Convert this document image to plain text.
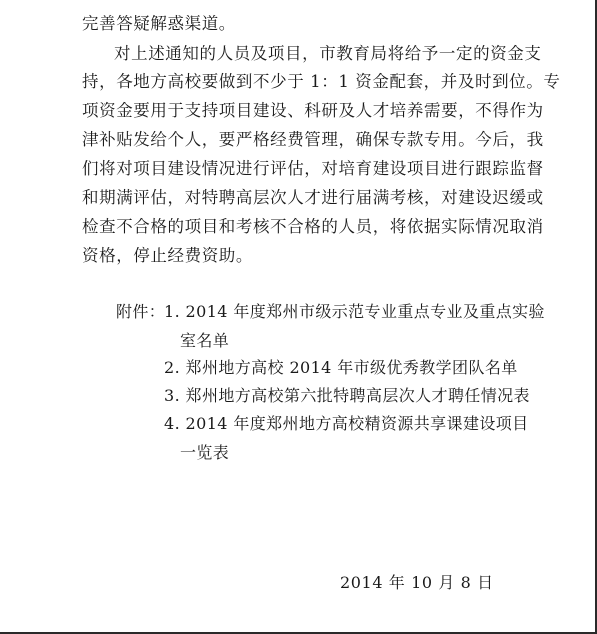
完善答疑解惑渠道。
对上述通知的人员及项目，市教育局将给予一定的资金支
持，各地方高校要做到不少于 1：1 资金配套，并及时到位。专
项资金要用于支持项目建设、科研及人才培养需要，不得作为
津补贴发给个人，要严格经费管理，确保专款专用。今后，我
们将对项目建设情况进行评估，对培育建设项目进行跟踪监督
和期满评估，对特聘高层次人才进行届满考核，对建设迟缓或
检查不合格的项目和考核不合格的人员，将依据实际情况取消
资格，停止经费资助。
附件：
1. 2014 年度郑州市级示范专业重点专业及重点实验
室名单
2. 郑州地方高校 2014 年市级优秀教学团队名单
3. 郑州地方高校第六批特聘高层次人才聘任情况表
4. 2014 年度郑州地方高校精资源共享课建设项目
一览表
2014 年 10 月 8 日
